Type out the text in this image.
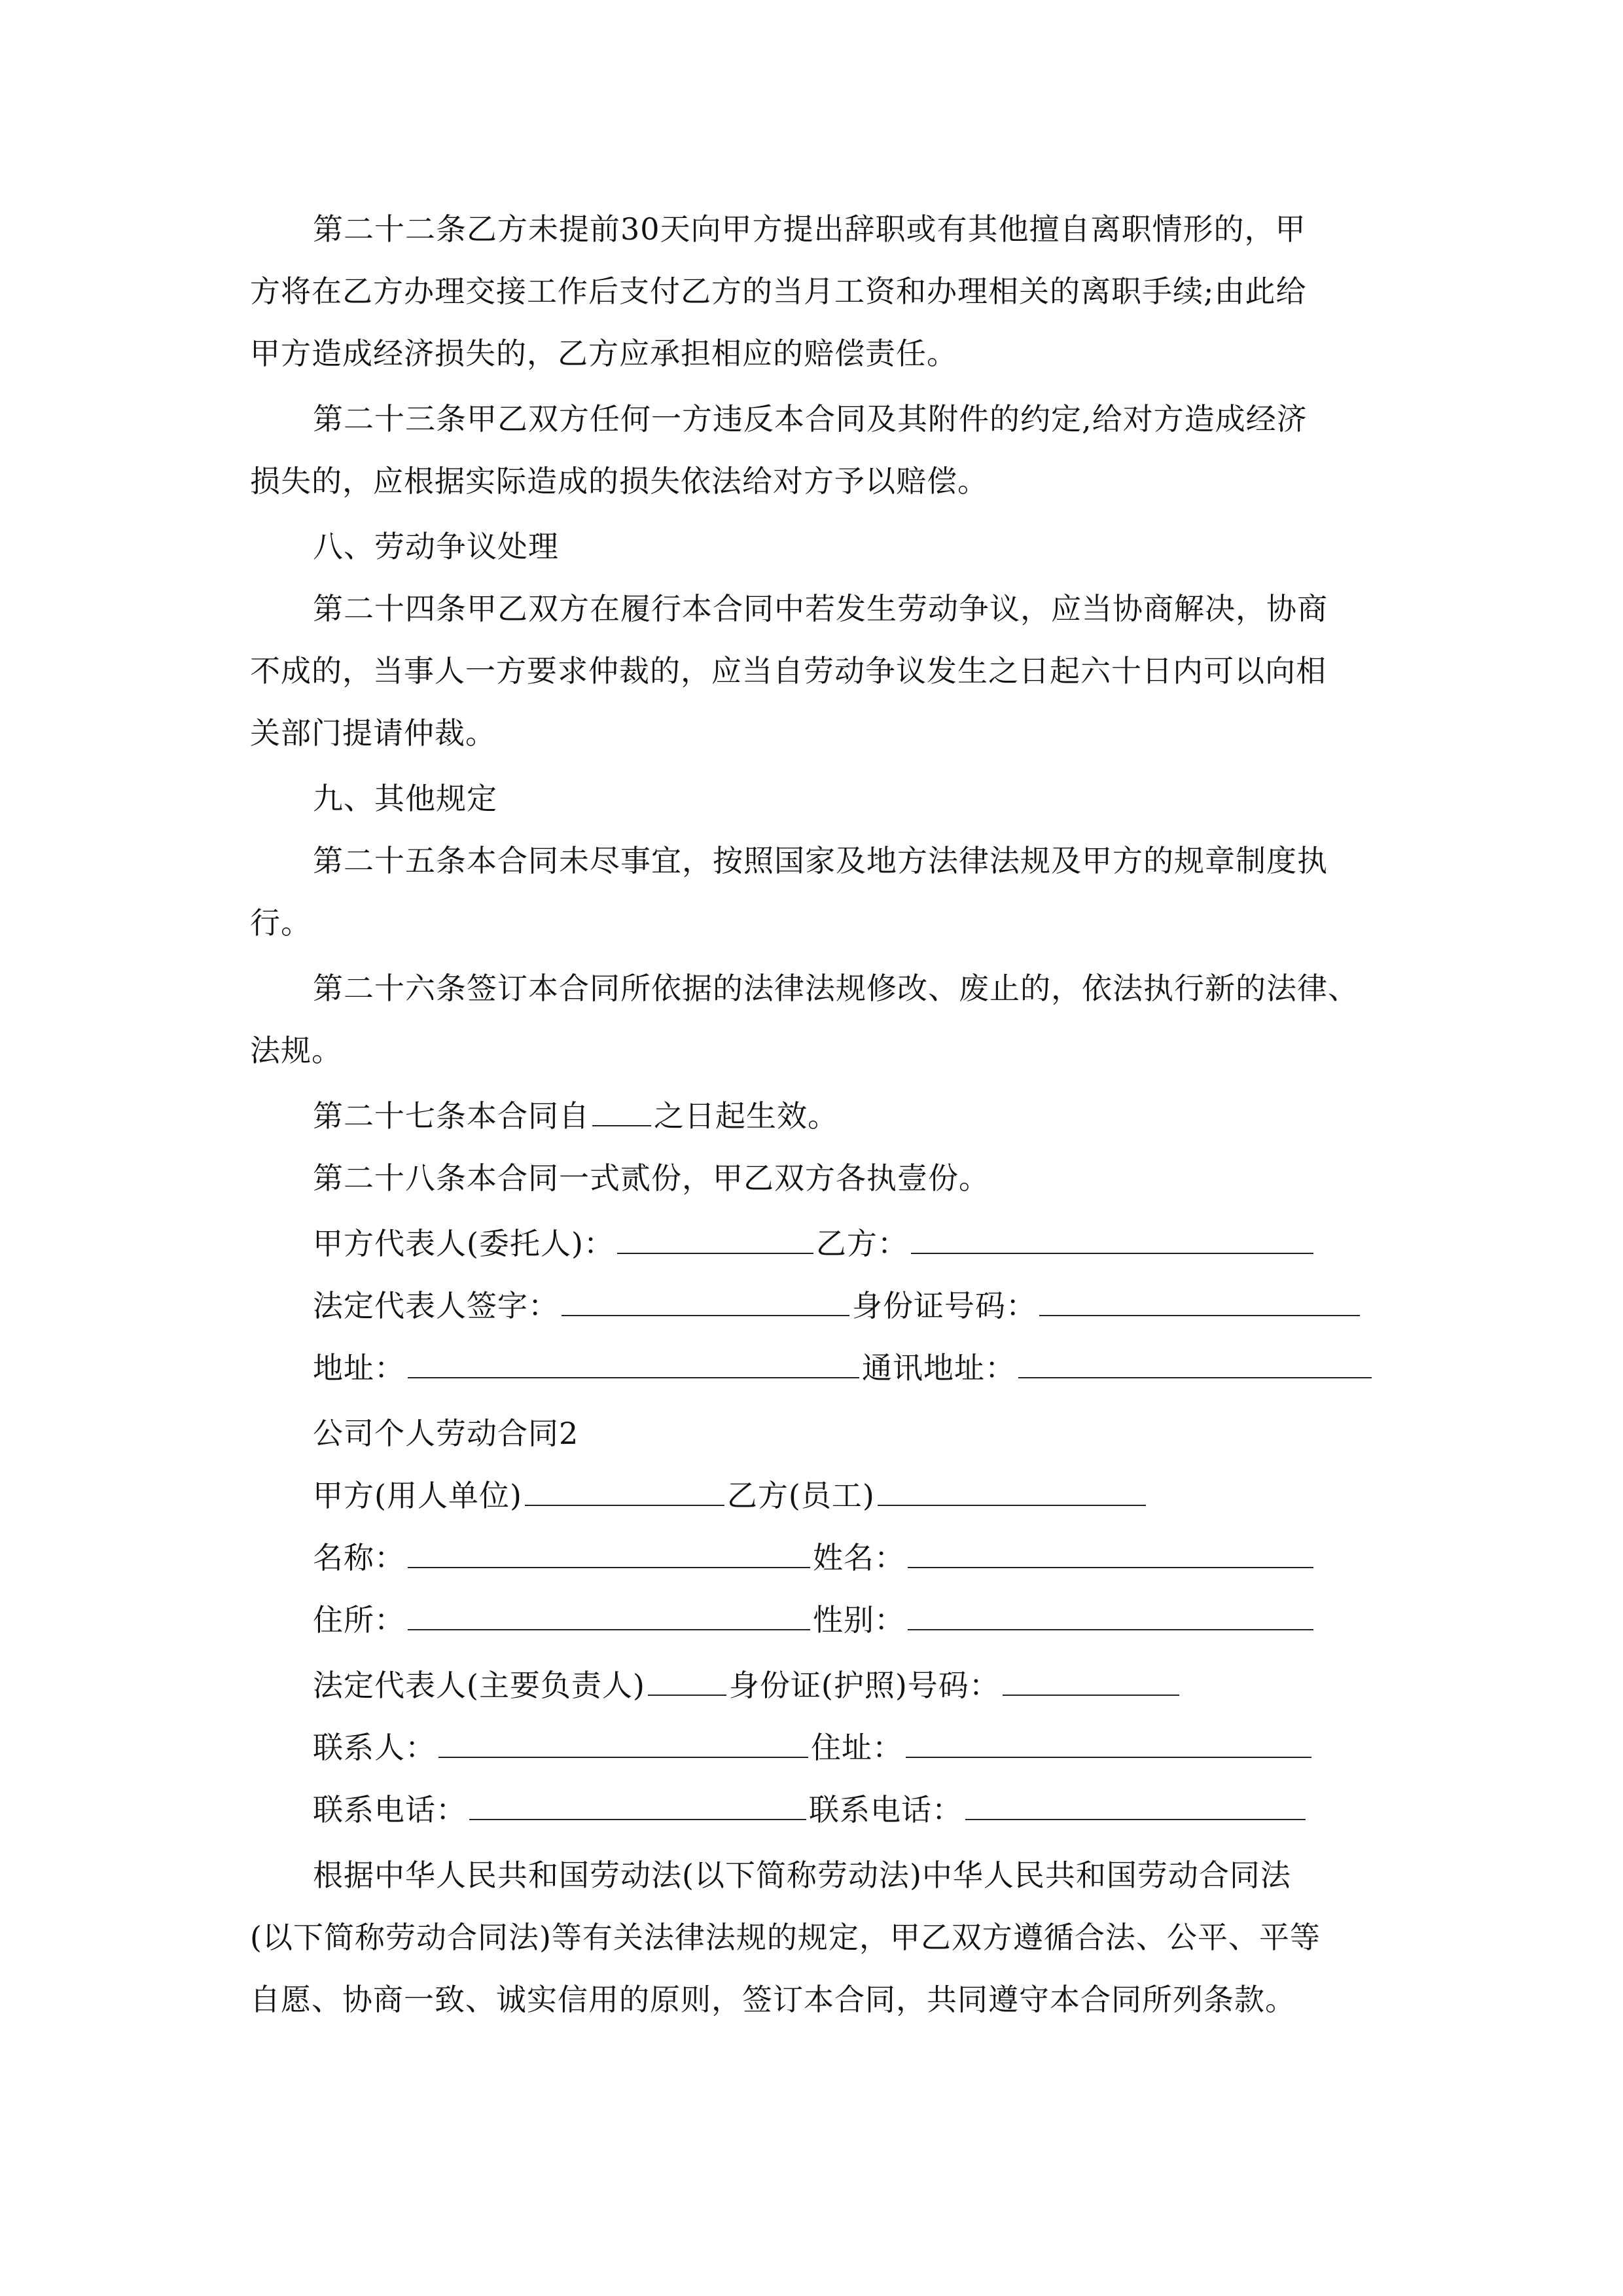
第二十二条乙方未提前30天向甲方提出辞职或有其他擅自离职情形的，甲
方将在乙方办理交接工作后支付乙方的当月工资和办理相关的离职手续;由此给
甲方造成经济损失的，乙方应承担相应的赔偿责任。
第二十三条甲乙双方任何一方违反本合同及其附件的约定,给对方造成经济
损失的，应根据实际造成的损失依法给对方予以赔偿。
八、劳动争议处理
第二十四条甲乙双方在履行本合同中若发生劳动争议，应当协商解决，协商
不成的，当事人一方要求仲裁的，应当自劳动争议发生之日起六十日内可以向相
关部门提请仲裁。
九、其他规定
第二十五条本合同未尽事宜，按照国家及地方法律法规及甲方的规章制度执
行。
第二十六条签订本合同所依据的法律法规修改、废止的，依法执行新的法律、
法规。
第二十七条本合同自 之日起生效。
第二十八条本合同一式贰份，甲乙双方各执壹份。
甲方代表人(委托人)：	乙方：
法定代表人签字：	身份证号码：
地址：	通讯地址：
公司个人劳动合同2
甲方(用人单位)	乙方(员工)
名称：	姓名：
住所：	性别：
法定代表人(主要负责人)	身份证(护照)号码：
联系人：	住址：
联系电话：	联系电话：
根据中华人民共和国劳动法(以下简称劳动法)中华人民共和国劳动合同法
(以下简称劳动合同法)等有关法律法规的规定，甲乙双方遵循合法、公平、平等
自愿、协商一致、诚实信用的原则，签订本合同，共同遵守本合同所列条款。
